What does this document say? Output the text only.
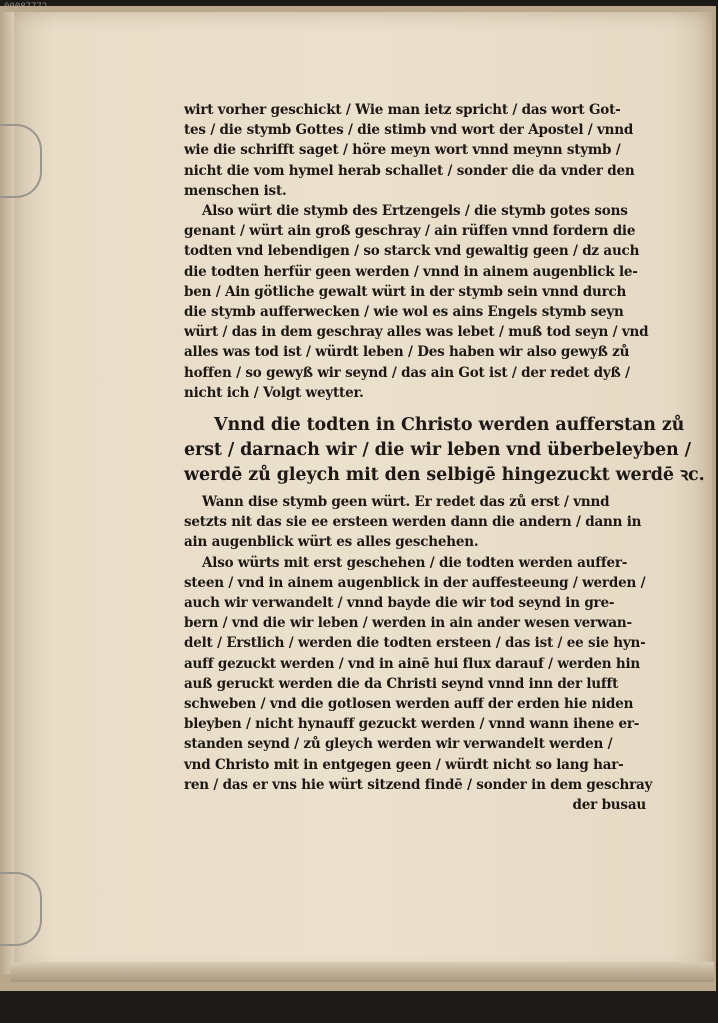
wirt vorher geschickt / Wie man ietz spricht / das wort Got-
tes / die stymb Gottes / die stimb vnd wort der Apostel / vnnd
wie die schrifft saget / höre meyn wort vnnd meynn stymb /
nicht die vom hymel herab schallet / sonder die da vnder den
menschen ist.
Also würt die stymb des Ertzengels / die stymb gotes sons
genant / würt ain groß geschray / ain rüffen vnnd fordern die
todten vnd lebendigen / so starck vnd gewaltig geen / dz auch
die todten herfür geen werden / vnnd in ainem augenblick le-
ben / Ain götliche gewalt würt in der stymb sein vnnd durch
die stymb aufferwecken / wie wol es ains Engels stymb seyn
würt / das in dem geschray alles was lebet / muß tod seyn / vnd
alles was tod ist / würdt leben / Des haben wir also gewyß zů
hoffen / so gewyß wir seynd / das ain Got ist / der redet dyß /
nicht ich / Volgt weytter.
Vnnd die todten in Christo werden aufferstan zů
erst / darnach wir / die wir leben vnd überbeleyben /
werdē zů gleych mit den selbigē hingezuckt werdē ꝛc.
Wann dise stymb geen würt. Er redet das zů erst / vnnd
setzts nit das sie ee ersteen werden dann die andern / dann in
ain augenblick würt es alles geschehen.
Also würts mit erst geschehen / die todten werden auffer-
steen / vnd in ainem augenblick in der auffesteeung / werden /
auch wir verwandelt / vnnd bayde die wir tod seynd in gre-
bern / vnd die wir leben / werden in ain ander wesen verwan-
delt / Erstlich / werden die todten ersteen / das ist / ee sie hyn-
auff gezuckt werden / vnd in ainē hui flux darauf / werden hin
auß geruckt werden die da Christi seynd vnnd inn der lufft
schweben / vnd die gotlosen werden auff der erden hie niden
bleyben / nicht hynauff gezuckt werden / vnnd wann ihene er-
standen seynd / zů gleych werden wir verwandelt werden /
vnd Christo mit in entgegen geen / würdt nicht so lang har-
ren / das er vns hie würt sitzend findē / sonder in dem geschray
der busau
